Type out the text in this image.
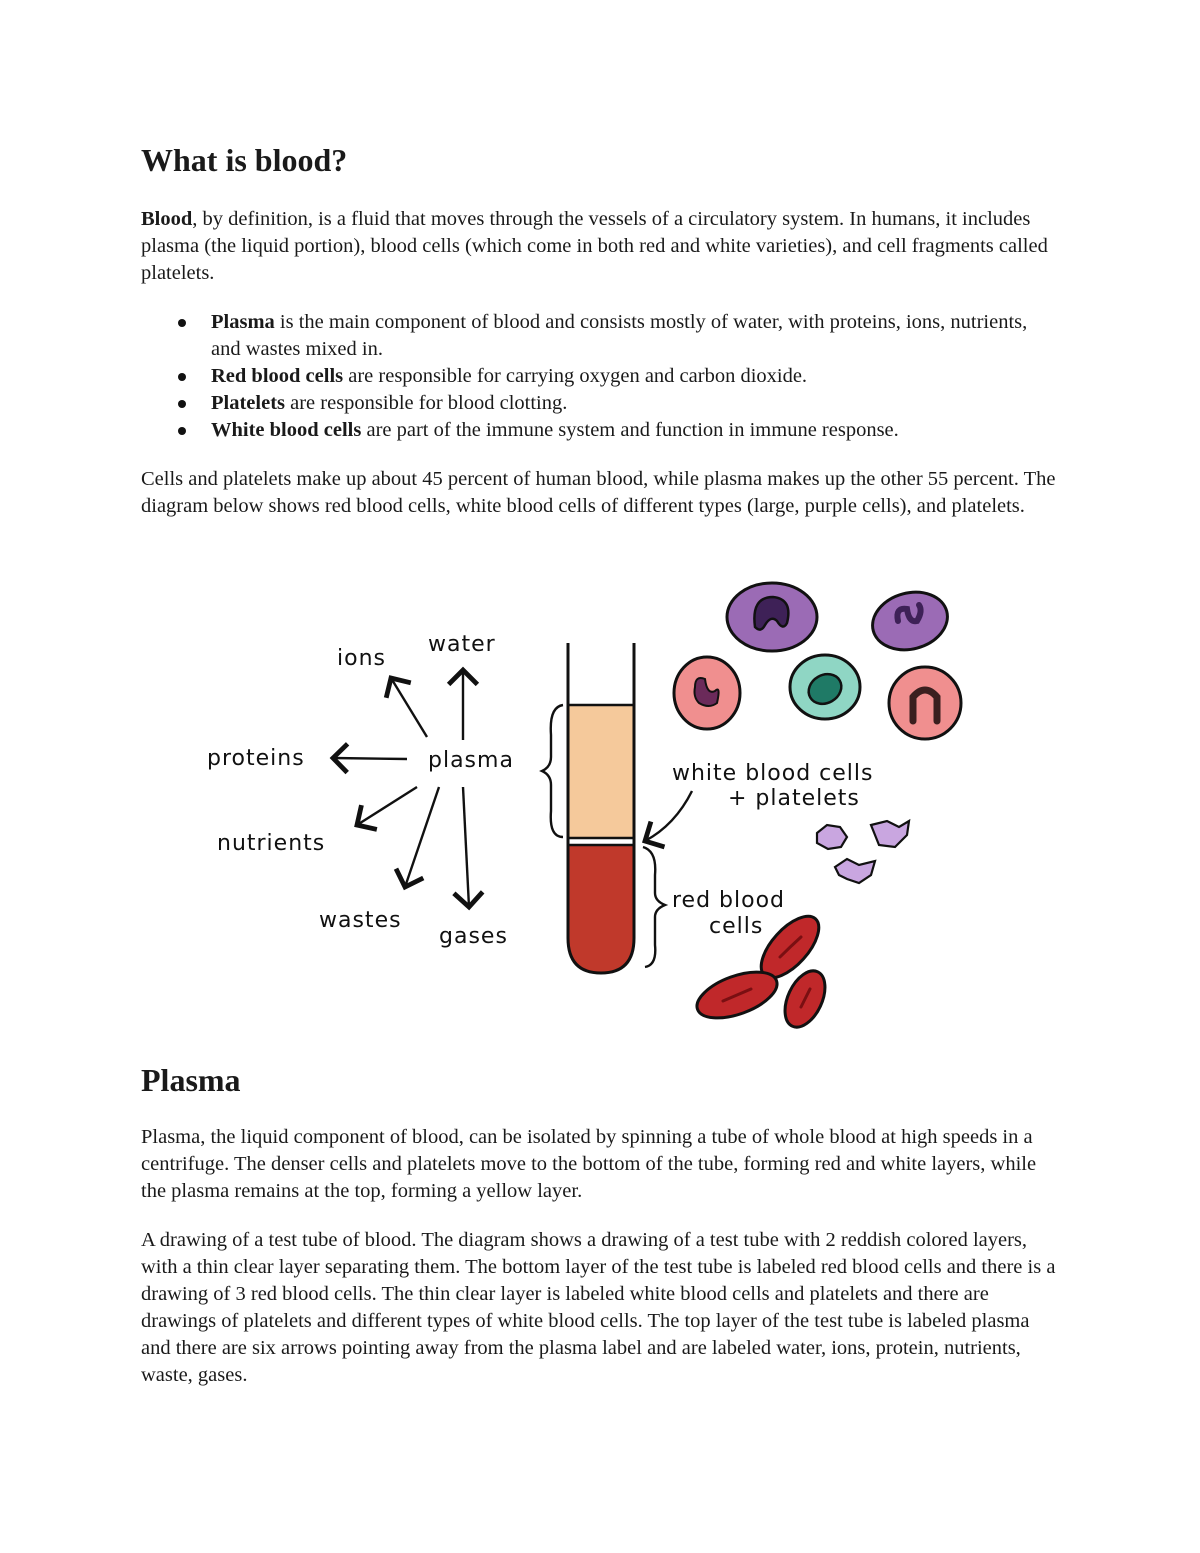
What is blood?

Blood, by definition, is a fluid that moves through the vessels of a circulatory system. In humans, it includes plasma (the liquid portion), blood cells (which come in both red and white varieties), and cell fragments called platelets.

Plasma is the main component of blood and consists mostly of water, with proteins, ions, nutrients, and wastes mixed in.
Red blood cells are responsible for carrying oxygen and carbon dioxide.
Platelets are responsible for blood clotting.
White blood cells are part of the immune system and function in immune response.

Cells and platelets make up about 45 percent of human blood, while plasma makes up the other 55 percent. The diagram below shows red blood cells, white blood cells of different types (large, purple cells), and platelets.

plasma
water
ions
proteins
nutrients
wastes
gases
white blood cells
+ platelets
red blood
cells
Plasma

Plasma, the liquid component of blood, can be isolated by spinning a tube of whole blood at high speeds in a centrifuge. The denser cells and platelets move to the bottom of the tube, forming red and white layers, while the plasma remains at the top, forming a yellow layer.

A drawing of a test tube of blood. The diagram shows a drawing of a test tube with 2 reddish colored layers, with a thin clear layer separating them. The bottom layer of the test tube is labeled red blood cells and there is a drawing of 3 red blood cells. The thin clear layer is labeled white blood cells and platelets and there are drawings of platelets and different types of white blood cells. The top layer of the test tube is labeled plasma and there are six arrows pointing away from the plasma label and are labeled water, ions, protein, nutrients, waste, gases.
